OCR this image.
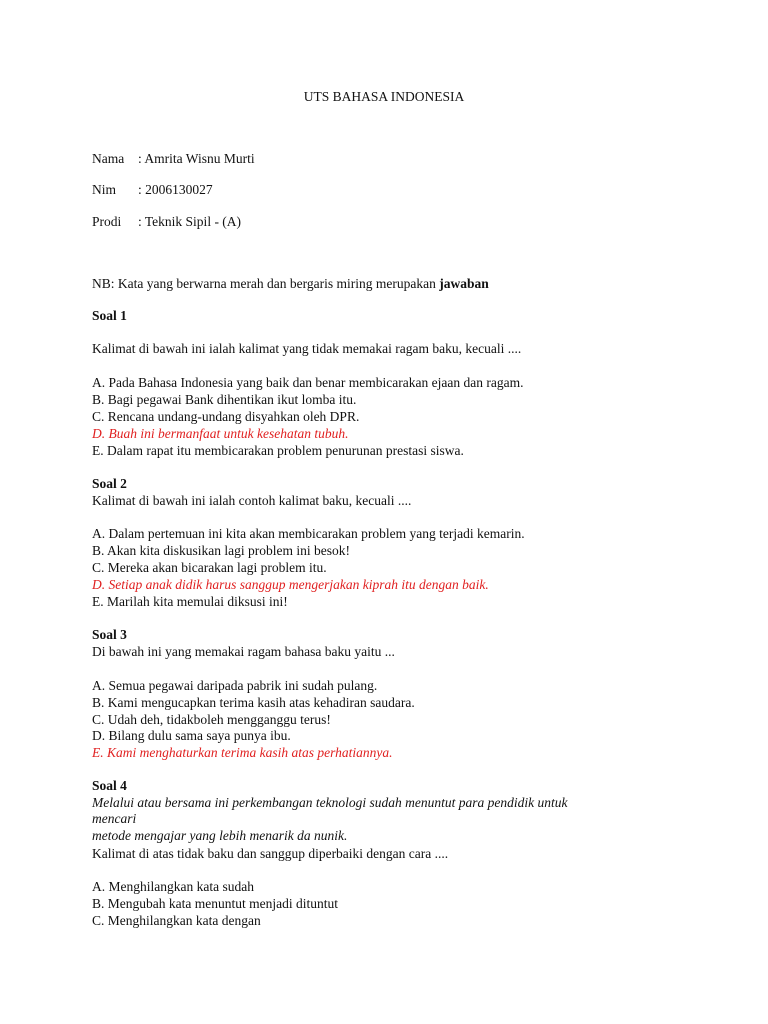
UTS BAHASA INDONESIA
Nama : Amrita Wisnu Murti
Nim : 2006130027
Prodi : Teknik Sipil - (A)
NB: Kata yang berwarna merah dan bergaris miring merupakan jawaban
Soal 1
Kalimat di bawah ini ialah kalimat yang tidak memakai ragam baku, kecuali ....
A. Pada Bahasa Indonesia yang baik dan benar membicarakan ejaan dan ragam.
B. Bagi pegawai Bank dihentikan ikut lomba itu.
C. Rencana undang-undang disyahkan oleh DPR.
D. Buah ini bermanfaat untuk kesehatan tubuh.
E. Dalam rapat itu membicarakan problem penurunan prestasi siswa.
Soal 2
Kalimat di bawah ini ialah contoh kalimat baku, kecuali ....
A. Dalam pertemuan ini kita akan membicarakan problem yang terjadi kemarin.
B. Akan kita diskusikan lagi problem ini besok!
C. Mereka akan bicarakan lagi problem itu.
D. Setiap anak didik harus sanggup mengerjakan kiprah itu dengan baik.
E. Marilah kita memulai diksusi ini!
Soal 3
Di bawah ini yang memakai ragam bahasa baku yaitu ...
A. Semua pegawai daripada pabrik ini sudah pulang.
B. Kami mengucapkan terima kasih atas kehadiran saudara.
C. Udah deh, tidakboleh mengganggu terus!
D. Bilang dulu sama saya punya ibu.
E. Kami menghaturkan terima kasih atas perhatiannya.
Soal 4
Melalui atau bersama ini perkembangan teknologi sudah menuntut para pendidik untuk
mencari
metode mengajar yang lebih menarik da nunik.
Kalimat di atas tidak baku dan sanggup diperbaiki dengan cara ....
A. Menghilangkan kata sudah
B. Mengubah kata menuntut menjadi dituntut
C. Menghilangkan kata dengan
